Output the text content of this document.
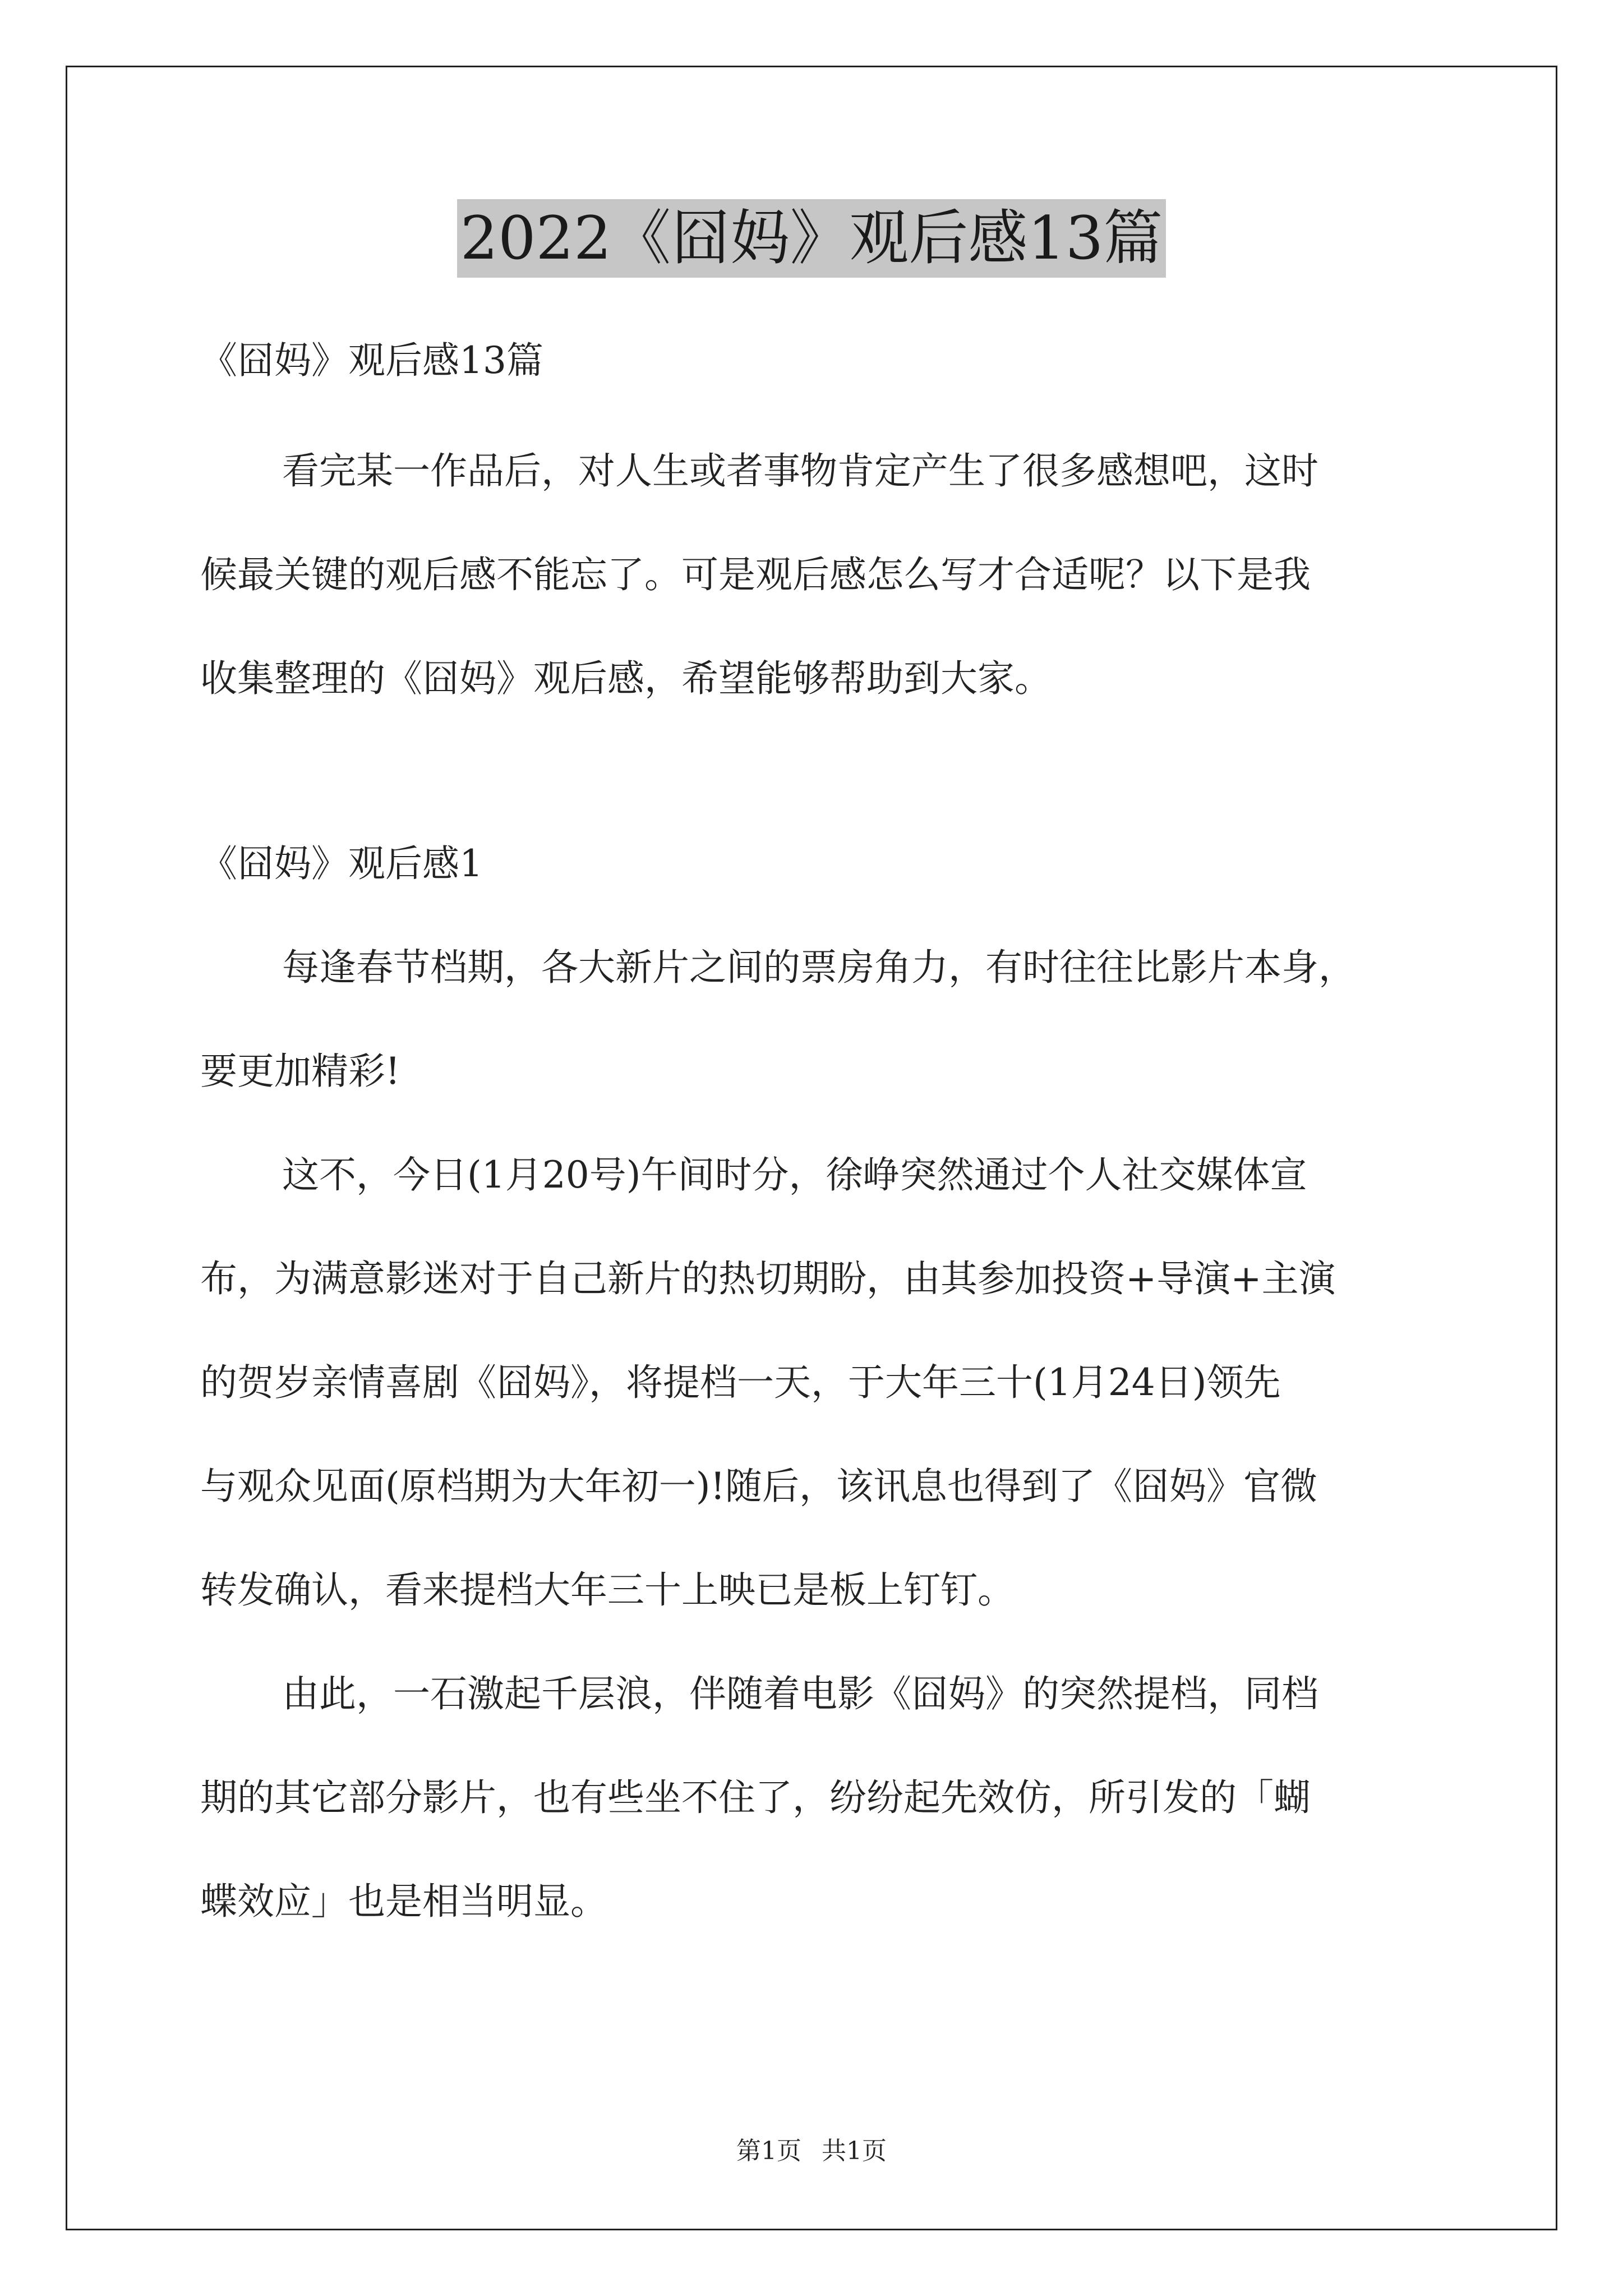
2022《囧妈》观后感13篇

《囧妈》观后感13篇

看完某一作品后，对人生或者事物肯定产生了很多感想吧，这时

候最关键的观后感不能忘了。可是观后感怎么写才合适呢？以下是我

收集整理的《囧妈》观后感，希望能够帮助到大家。

《囧妈》观后感1

每逢春节档期，各大新片之间的票房角力，有时往往比影片本身，

要更加精彩!

这不，今日(1月20号)午间时分，徐峥突然通过个人社交媒体宣

布，为满意影迷对于自己新片的热切期盼，由其参加投资+导演+主演

的贺岁亲情喜剧《囧妈》，将提档一天，于大年三十(1月24日)领先

与观众见面(原档期为大年初一)!随后，该讯息也得到了《囧妈》官微

转发确认，看来提档大年三十上映已是板上钉钉。

由此，一石激起千层浪，伴随着电影《囧妈》的突然提档，同档

期的其它部分影片，也有些坐不住了，纷纷起先效仿，所引发的「蝴

蝶效应」也是相当明显。

第1页 共1页
